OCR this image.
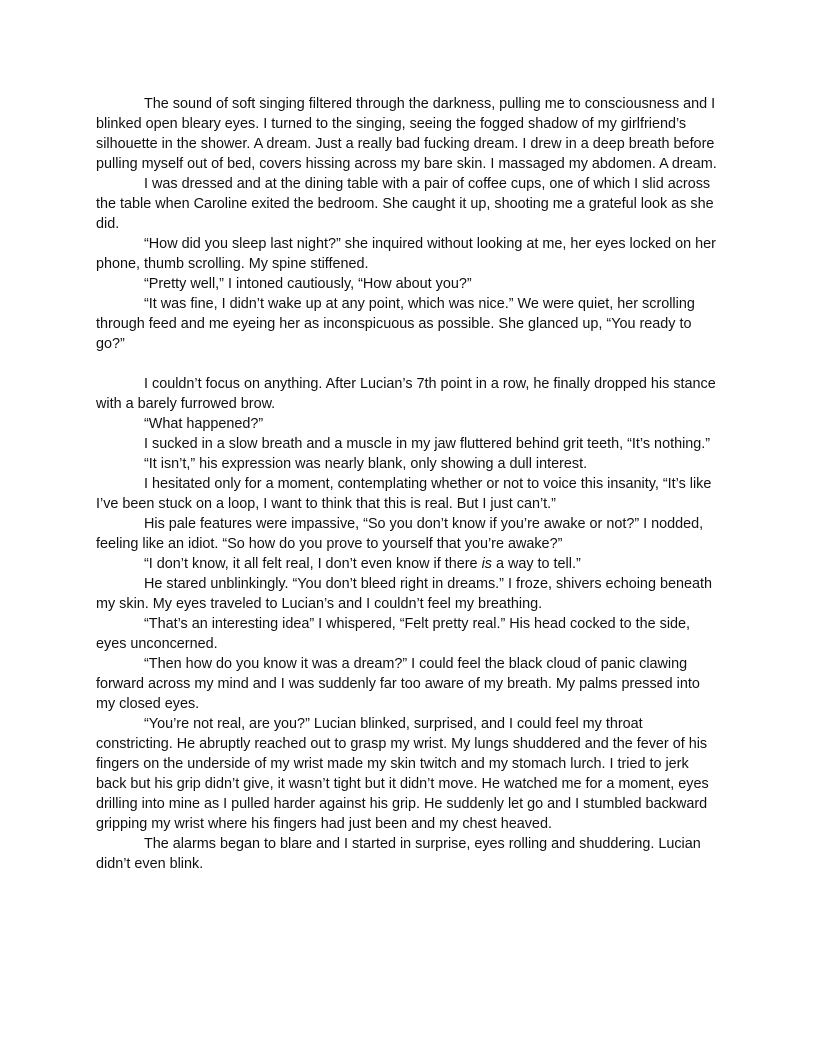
The sound of soft singing filtered through the darkness, pulling me to consciousness and I blinked open bleary eyes. I turned to the singing, seeing the fogged shadow of my girlfriend’s silhouette in the shower. A dream. Just a really bad fucking dream. I drew in a deep breath before pulling myself out of bed, covers hissing across my bare skin. I massaged my abdomen. A dream.

I was dressed and at the dining table with a pair of coffee cups, one of which I slid across the table when Caroline exited the bedroom. She caught it up, shooting me a grateful look as she did.

“How did you sleep last night?” she inquired without looking at me, her eyes locked on her phone, thumb scrolling. My spine stiffened.

“Pretty well,” I intoned cautiously, “How about you?”

“It was fine, I didn’t wake up at any point, which was nice.” We were quiet, her scrolling through feed and me eyeing her as inconspicuous as possible. She glanced up, “You ready to go?”

I couldn’t focus on anything. After Lucian’s 7th point in a row, he finally dropped his stance with a barely furrowed brow.

“What happened?”

I sucked in a slow breath and a muscle in my jaw fluttered behind grit teeth, “It’s nothing.”

“It isn’t,” his expression was nearly blank, only showing a dull interest.

I hesitated only for a moment, contemplating whether or not to voice this insanity, “It’s like I’ve been stuck on a loop, I want to think that this is real. But I just can’t.”

His pale features were impassive, “So you don’t know if you’re awake or not?” I nodded, feeling like an idiot. “So how do you prove to yourself that you’re awake?”

“I don’t know, it all felt real, I don’t even know if there is a way to tell.”

He stared unblinkingly. “You don’t bleed right in dreams.” I froze, shivers echoing beneath my skin. My eyes traveled to Lucian’s and I couldn’t feel my breathing.

“That’s an interesting idea” I whispered, “Felt pretty real.” His head cocked to the side, eyes unconcerned.

“Then how do you know it was a dream?” I could feel the black cloud of panic clawing forward across my mind and I was suddenly far too aware of my breath. My palms pressed into my closed eyes.

“You’re not real, are you?” Lucian blinked, surprised, and I could feel my throat constricting. He abruptly reached out to grasp my wrist. My lungs shuddered and the fever of his fingers on the underside of my wrist made my skin twitch and my stomach lurch. I tried to jerk back but his grip didn’t give, it wasn’t tight but it didn’t move. He watched me for a moment, eyes drilling into mine as I pulled harder against his grip. He suddenly let go and I stumbled backward gripping my wrist where his fingers had just been and my chest heaved.

The alarms began to blare and I started in surprise, eyes rolling and shuddering. Lucian didn’t even blink.
